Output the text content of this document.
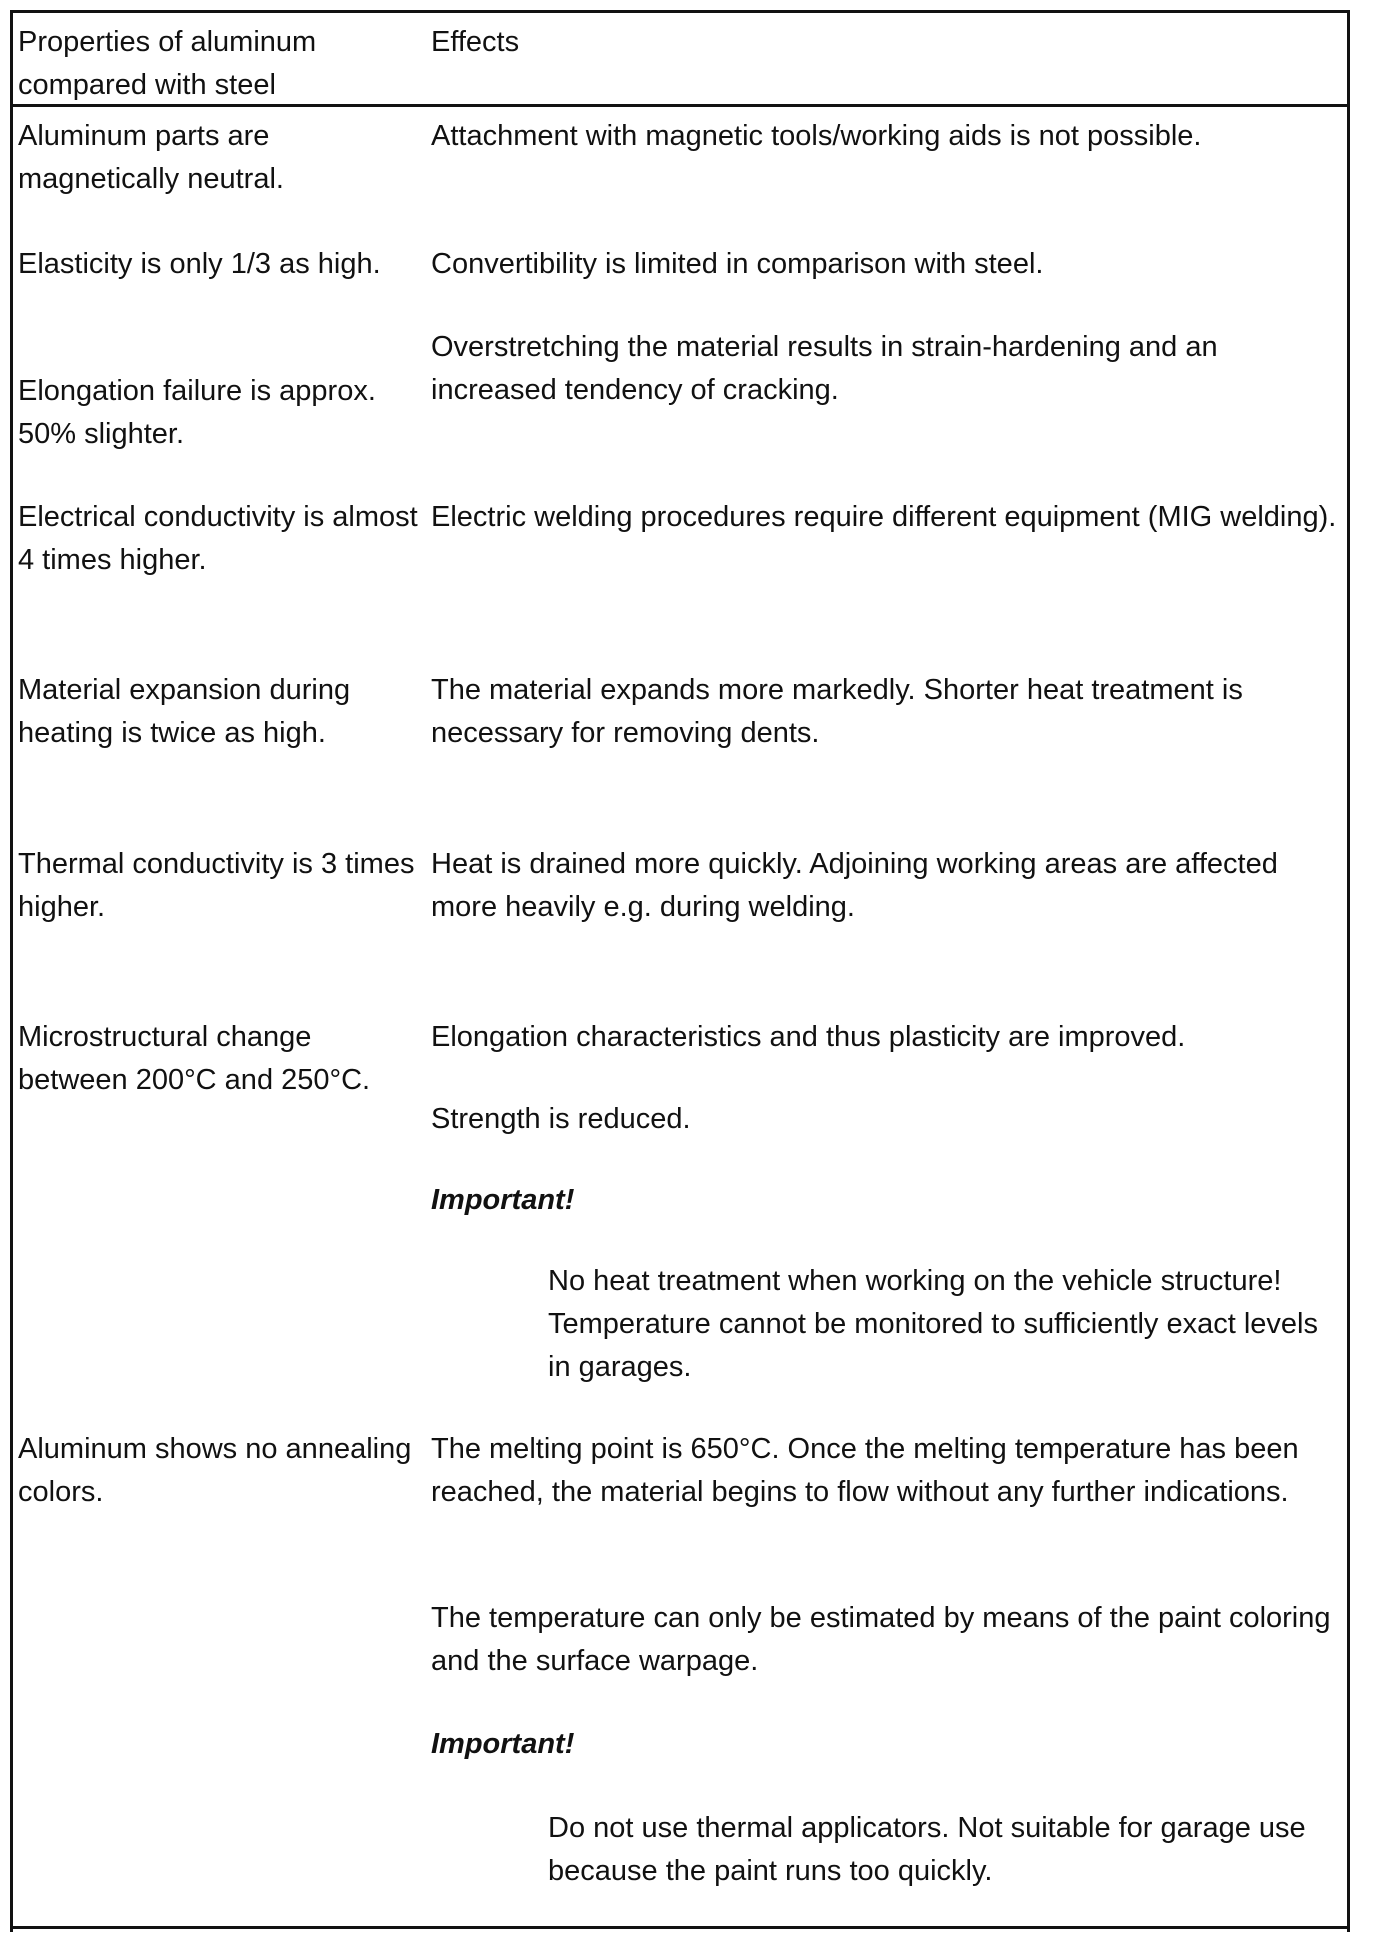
Properties of aluminum compared with steel
Effects
Aluminum parts are magnetically neutral.
Attachment with magnetic tools/working aids is not possible.
Elasticity is only 1/3 as high.
Elongation failure is approx. 50% slighter.
Convertibility is limited in comparison with steel.
Overstretching the material results in strain-hardening and an increased tendency of cracking.
Electrical conductivity is almost 4 times higher.
Electric welding procedures require different equipment (MIG welding).
Material expansion during heating is twice as high.
The material expands more markedly. Shorter heat treatment is necessary for removing dents.
Thermal conductivity is 3 times higher.
Heat is drained more quickly. Adjoining working areas are affected more heavily e.g. during welding.
Microstructural change between 200°C and 250°C.
Elongation characteristics and thus plasticity are improved.
Strength is reduced.
Important!
No heat treatment when working on the vehicle structure! Temperature cannot be monitored to sufficiently exact levels in garages.
Aluminum shows no annealing colors.
The melting point is 650°C. Once the melting temperature has been reached, the material begins to flow without any further indications.
The temperature can only be estimated by means of the paint coloring and the surface warpage.
Important!
Do not use thermal applicators. Not suitable for garage use because the paint runs too quickly.
